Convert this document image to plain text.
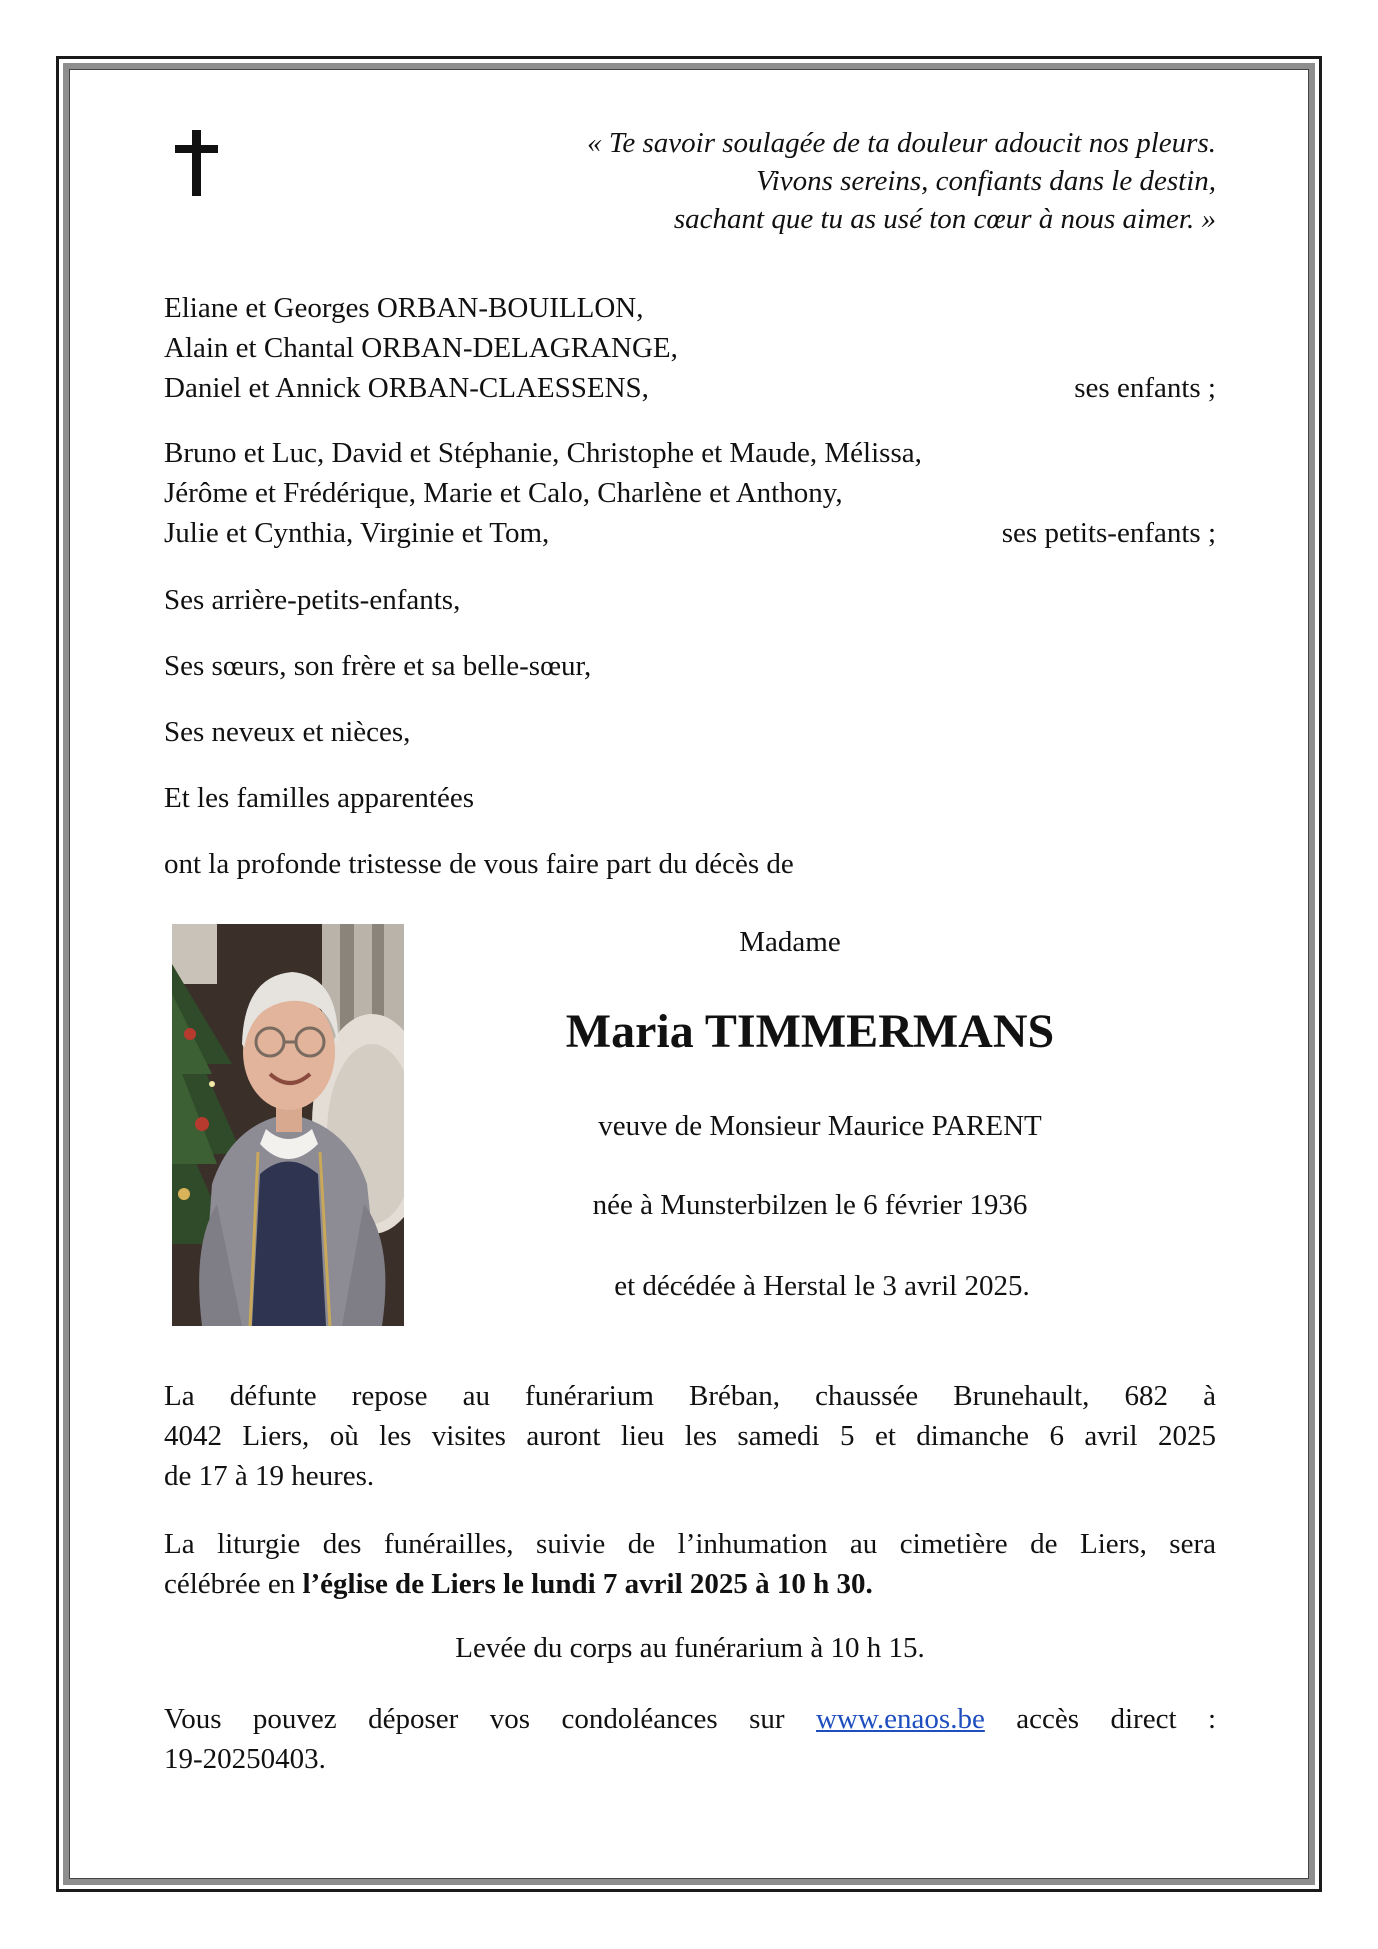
« Te savoir soulagée de ta douleur adoucit nos pleurs.
Vivons sereins, confiants dans le destin,
sachant que tu as usé ton cœur à nous aimer. »
Eliane et Georges ORBAN-BOUILLON,
Alain et Chantal ORBAN-DELAGRANGE,
Daniel et Annick ORBAN-CLAESSENS,	ses enfants ;
Bruno et Luc, David et Stéphanie, Christophe et Maude, Mélissa,
Jérôme et Frédérique, Marie et Calo, Charlène et Anthony,
Julie et Cynthia, Virginie et Tom,	ses petits-enfants ;
Ses arrière-petits-enfants,
Ses sœurs, son frère et sa belle-sœur,
Ses neveux et nièces,
Et les familles apparentées
ont la profonde tristesse de vous faire part du décès de
Madame
Maria TIMMERMANS
veuve de Monsieur Maurice PARENT
née à Munsterbilzen le 6 février 1936
et décédée à Herstal le 3 avril 2025.
La défunte repose au funérarium Bréban, chaussée Brunehault, 682 à
4042 Liers, où les visites auront lieu les samedi 5 et dimanche 6 avril 2025
de 17 à 19 heures.
La liturgie des funérailles, suivie de l’inhumation au cimetière de Liers, sera
célébrée en l’église de Liers le lundi 7 avril 2025 à 10 h 30.
Levée du corps au funérarium à 10 h 15.
Vous pouvez déposer vos condoléances sur www.enaos.be accès direct :
19-20250403.
